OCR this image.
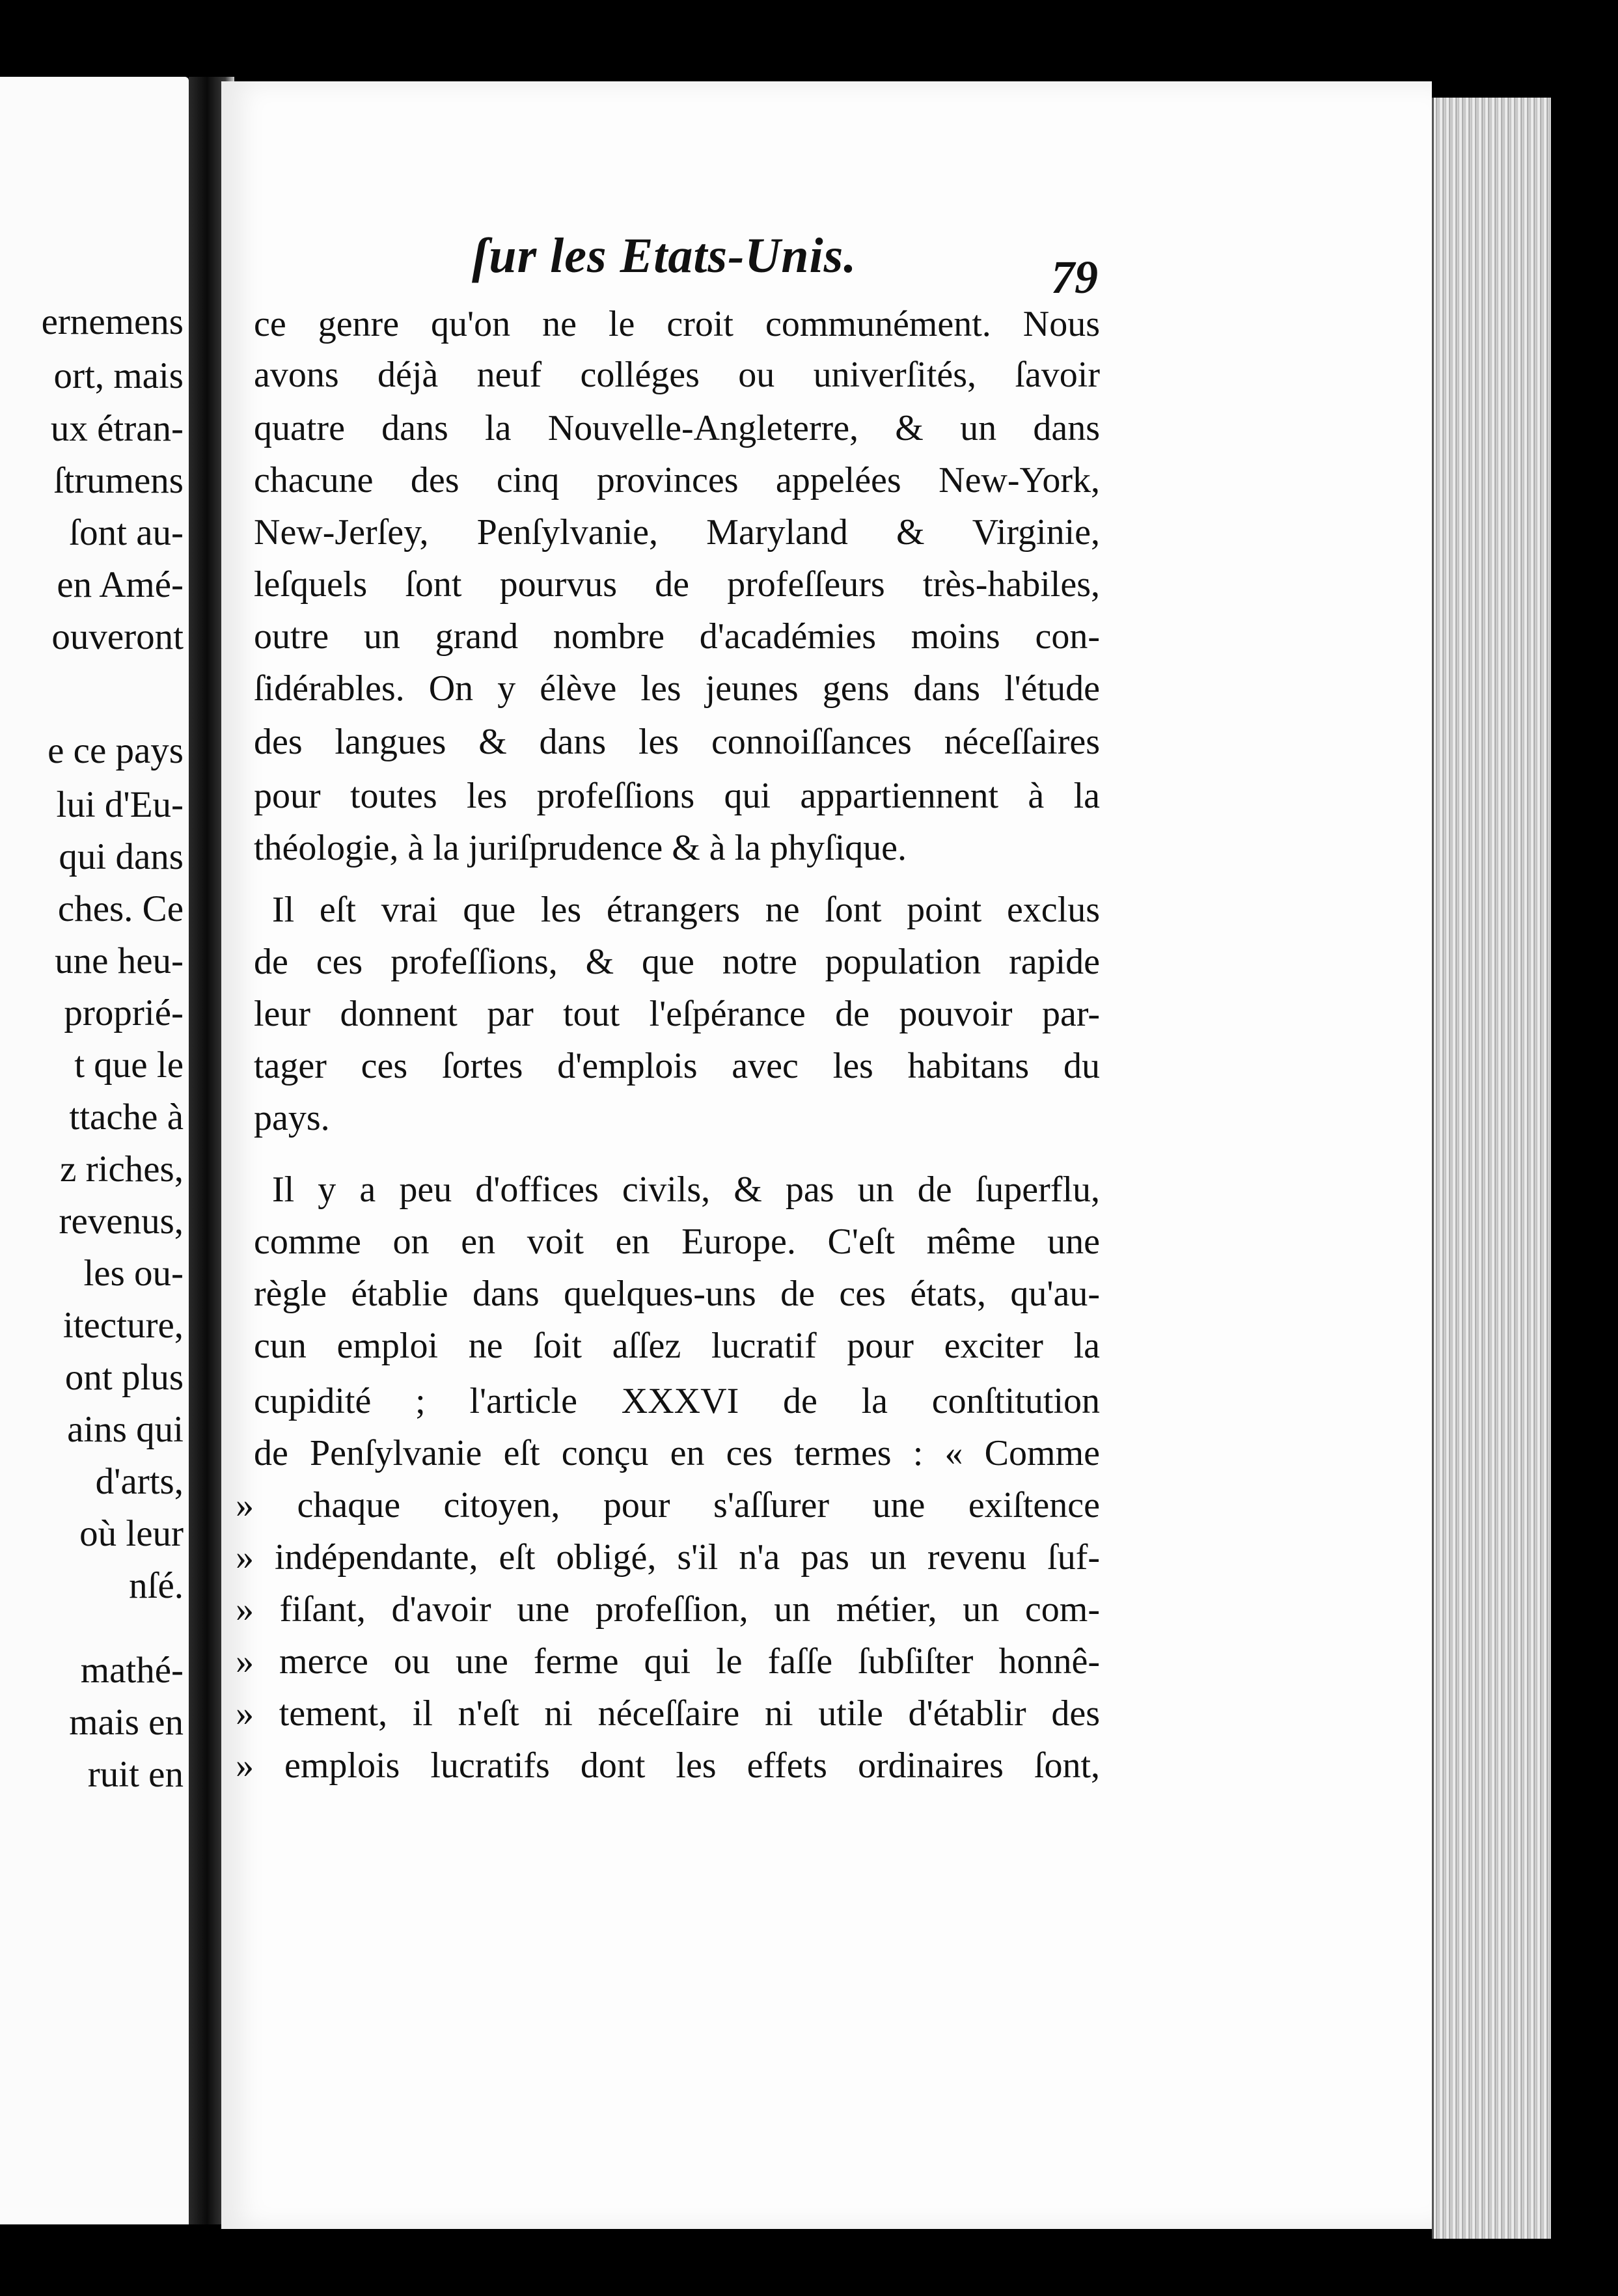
ernemens
ort, mais
ux étran-
ſtrumens
ſont au-
en Amé-
ouveront
e ce pays
lui d'Eu-
qui dans
ches. Ce
une heu-
proprié-
t que le
ttache à
z riches,
revenus,
les ou-
itecture,
ont plus
ains qui
d'arts,
où leur
nſé.
mathé-
mais en
ruit en
ſur les Etats-Unis.	79
ce genre qu'on ne le croit communément. Nous
avons déjà neuf colléges ou univerſités, ſavoir
quatre dans la Nouvelle-Angleterre, & un dans
chacune des cinq provinces appelées New-York,
New-Jerſey, Penſylvanie, Maryland & Virginie,
leſquels ſont pourvus de profeſſeurs très-habiles,
outre un grand nombre d'académies moins con-
ſidérables. On y élève les jeunes gens dans l'étude
des langues & dans les connoiſſances néceſſaires
pour toutes les profeſſions qui appartiennent à la
théologie, à la juriſprudence & à la phyſique.
Il eſt vrai que les étrangers ne ſont point exclus
de ces profeſſions, & que notre population rapide
leur donnent par tout l'eſpérance de pouvoir par-
tager ces ſortes d'emplois avec les habitans du
pays.
Il y a peu d'offices civils, & pas un de ſuperflu,
comme on en voit en Europe. C'eſt même une
règle établie dans quelques-uns de ces états, qu'au-
cun emploi ne ſoit aſſez lucratif pour exciter la
cupidité ; l'article XXXVI de la conſtitution
de Penſylvanie eſt conçu en ces termes : « Comme
» chaque citoyen, pour s'aſſurer une exiſtence
» indépendante, eſt obligé, s'il n'a pas un revenu ſuf-
» fiſant, d'avoir une profeſſion, un métier, un com-
» merce ou une ferme qui le faſſe ſubſiſter honnê-
» tement, il n'eſt ni néceſſaire ni utile d'établir des
» emplois lucratifs dont les effets ordinaires ſont,
